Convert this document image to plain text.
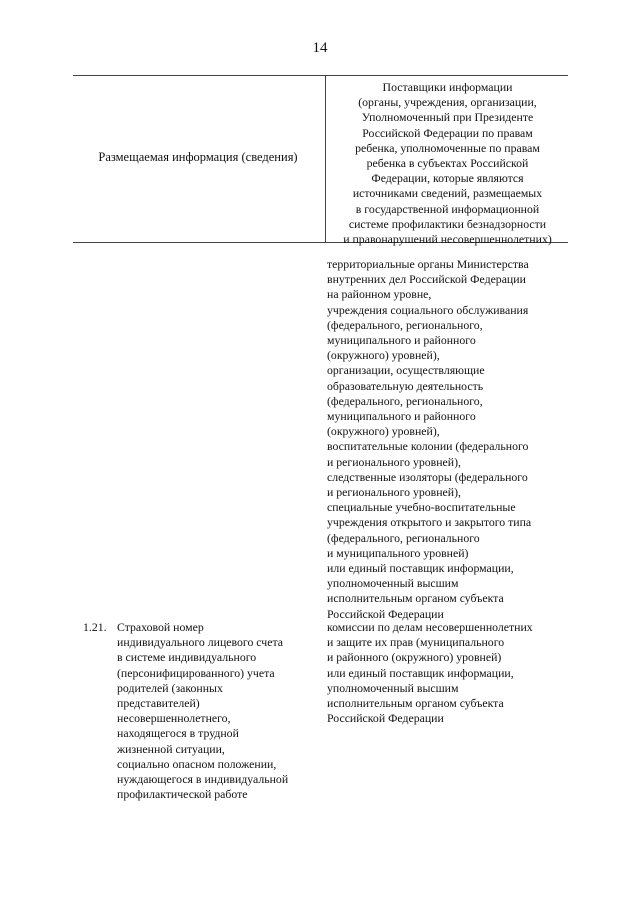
14
Размещаемая информация (сведения)
Поставщики информации
(органы, учреждения, организации,
Уполномоченный при Президенте
Российской Федерации по правам
ребенка, уполномоченные по правам
ребенка в субъектах Российской
Федерации, которые являются
источниками сведений, размещаемых
в государственной информационной
системе профилактики безнадзорности
и правонарушений несовершеннолетних)
территориальные органы Министерства
внутренних дел Российской Федерации
на районном уровне,
учреждения социального обслуживания
(федерального, регионального,
муниципального и районного
(окружного) уровней),
организации, осуществляющие
образовательную деятельность
(федерального, регионального,
муниципального и районного
(окружного) уровней),
воспитательные колонии (федерального
и регионального уровней),
следственные изоляторы (федерального
и регионального уровней),
специальные учебно-воспитательные
учреждения открытого и закрытого типа
(федерального, регионального
и муниципального уровней)
или единый поставщик информации,
уполномоченный высшим
исполнительным органом субъекта
Российской Федерации
1.21. Страховой номер
индивидуального лицевого счета
в системе индивидуального
(персонифицированного) учета
родителей (законных
представителей)
несовершеннолетнего,
находящегося в трудной
жизненной ситуации,
социально опасном положении,
нуждающегося в индивидуальной
профилактической работе
комиссии по делам несовершеннолетних
и защите их прав (муниципального
и районного (окружного) уровней)
или единый поставщик информации,
уполномоченный высшим
исполнительным органом субъекта
Российской Федерации
